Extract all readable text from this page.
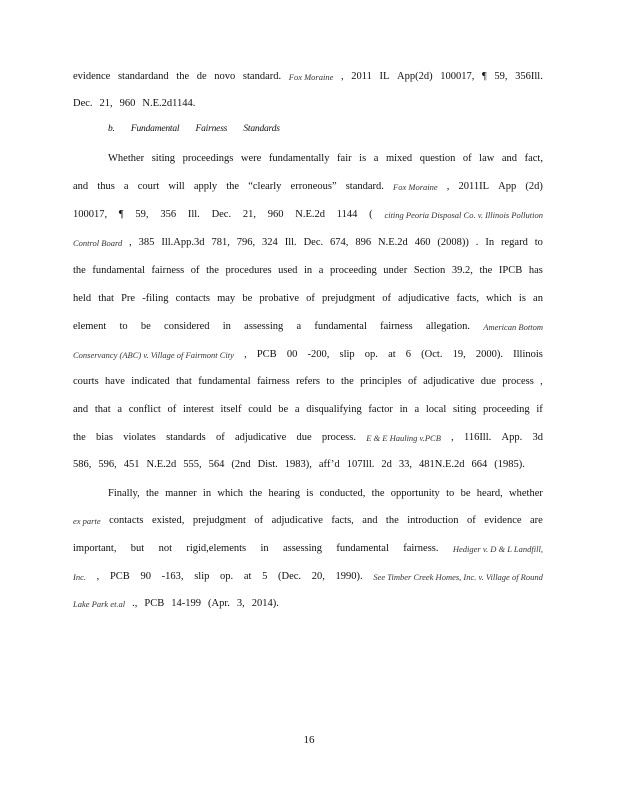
evidence standardand the de novo standard. Fox Moraine , 2011 IL App(2d) 100017, ¶ 59, 356Ill.
Dec. 21, 960 N.E.2d1144.
Whether siting proceedings were fundamentally fair is a mixed question of law and fact,
and thus a court will apply the “clearly erroneous” standard. Fox Moraine , 2011IL App (2d)
100017, ¶ 59, 356 Ill. Dec. 21, 960 N.E.2d 1144 ( citing Peoria Disposal Co. v. Illinois Pollution
Control Board , 385 Ill.App.3d 781, 796, 324 Ill. Dec. 674, 896 N.E.2d 460 (2008)) . In regard to
the fundamental fairness of the procedures used in a proceeding under Section 39.2, the IPCB has
held that Pre -filing contacts may be probative of prejudgment of adjudicative facts, which is an
element to be considered in assessing a fundamental fairness allegation. American Bottom
Conservancy (ABC) v. Village of Fairmont City , PCB 00 -200, slip op. at 6 (Oct. 19, 2000). Illinois
courts have indicated that fundamental fairness refers to the principles of adjudicative due process ,
and that a conflict of interest itself could be a disqualifying factor in a local siting proceeding if
the bias violates standards of adjudicative due process. E & E Hauling v.PCB , 116Ill. App. 3d
586, 596, 451 N.E.2d 555, 564 (2nd Dist. 1983), aff’d 107Ill. 2d 33, 481N.E.2d 664 (1985).
Finally, the manner in which the hearing is conducted, the opportunity to be heard, whether
ex parte contacts existed, prejudgment of adjudicative facts, and the introduction of evidence are
important, but not rigid,elements in assessing fundamental fairness. Hediger v. D & L Landfill,
Inc. , PCB 90 -163, slip op. at 5 (Dec. 20, 1990). See Timber Creek Homes, Inc. v. Village of Round
Lake Park et.al ., PCB 14-199 (Apr. 3, 2014).
b. Fundamental Fairness Standards
16
